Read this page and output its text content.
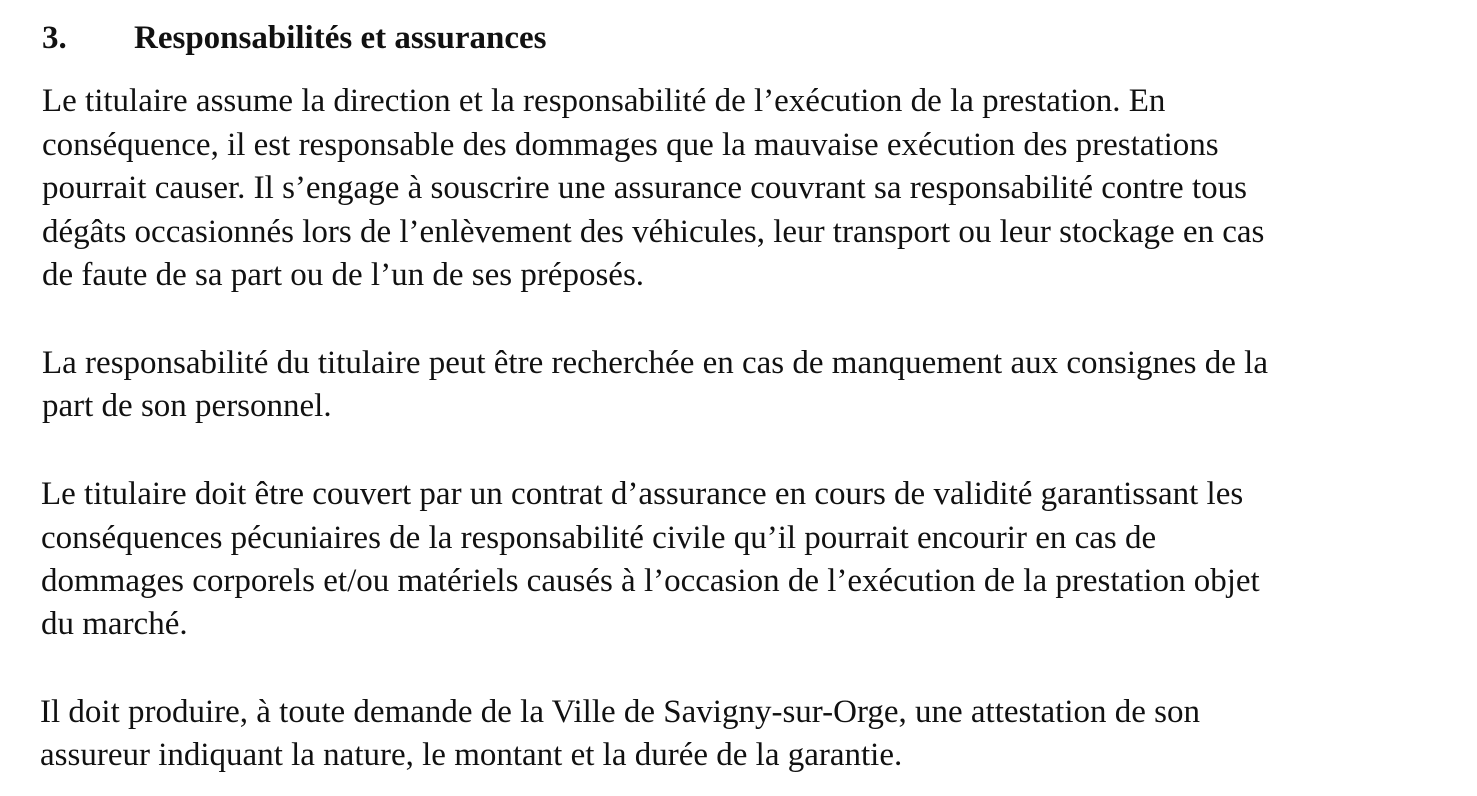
3. Responsabilités et assurances
Le titulaire assume la direction et la responsabilité de l’exécution de la prestation. En
conséquence, il est responsable des dommages que la mauvaise exécution des prestations
pourrait causer. Il s’engage à souscrire une assurance couvrant sa responsabilité contre tous
dégâts occasionnés lors de l’enlèvement des véhicules, leur transport ou leur stockage en cas
de faute de sa part ou de l’un de ses préposés.
La responsabilité du titulaire peut être recherchée en cas de manquement aux consignes de la
part de son personnel.
Le titulaire doit être couvert par un contrat d’assurance en cours de validité garantissant les
conséquences pécuniaires de la responsabilité civile qu’il pourrait encourir en cas de
dommages corporels et/ou matériels causés à l’occasion de l’exécution de la prestation objet
du marché.
Il doit produire, à toute demande de la Ville de Savigny-sur-Orge, une attestation de son
assureur indiquant la nature, le montant et la durée de la garantie.
